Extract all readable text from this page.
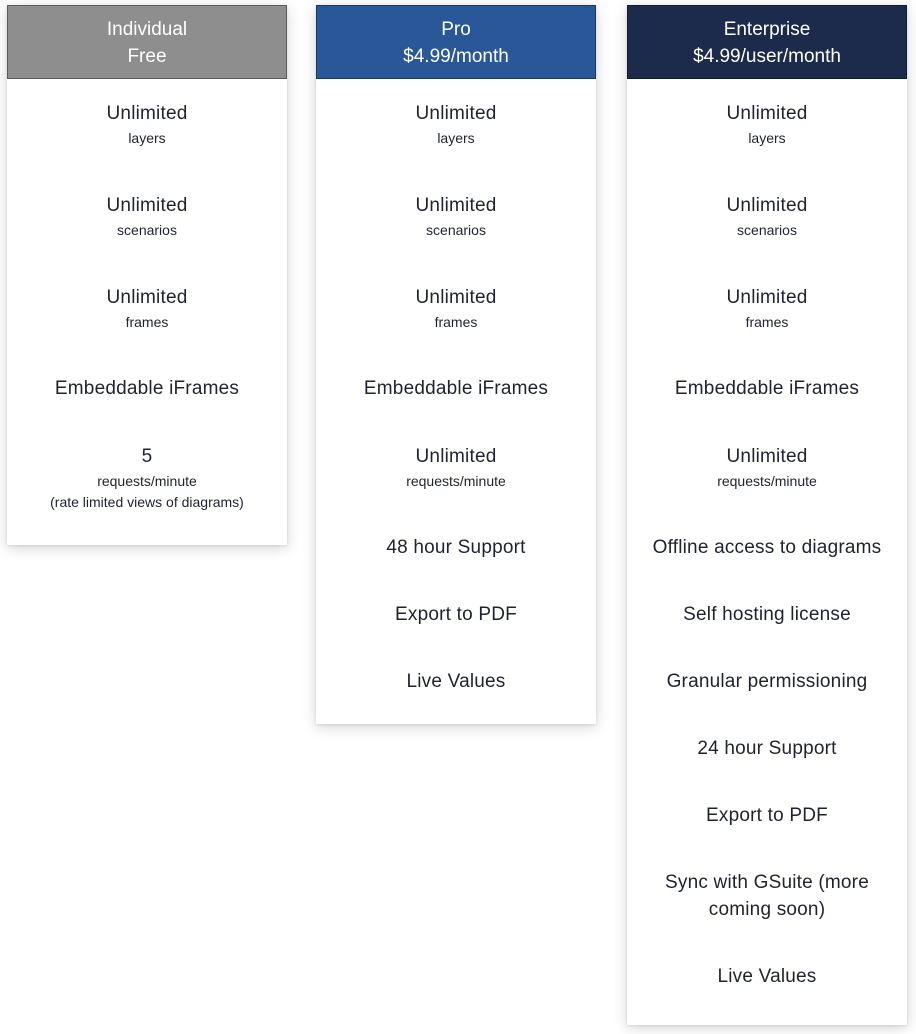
Individual
Free
Unlimited
layers
Unlimited
scenarios
Unlimited
frames
Embeddable iFrames
5
requests/minute
(rate limited views of diagrams)
Pro
$4.99/month
Unlimited
layers
Unlimited
scenarios
Unlimited
frames
Embeddable iFrames
Unlimited
requests/minute
48 hour Support
Export to PDF
Live Values
Enterprise
$4.99/user/month
Unlimited
layers
Unlimited
scenarios
Unlimited
frames
Embeddable iFrames
Unlimited
requests/minute
Offline access to diagrams
Self hosting license
Granular permissioning
24 hour Support
Export to PDF
Sync with GSuite (more
coming soon)
Live Values
